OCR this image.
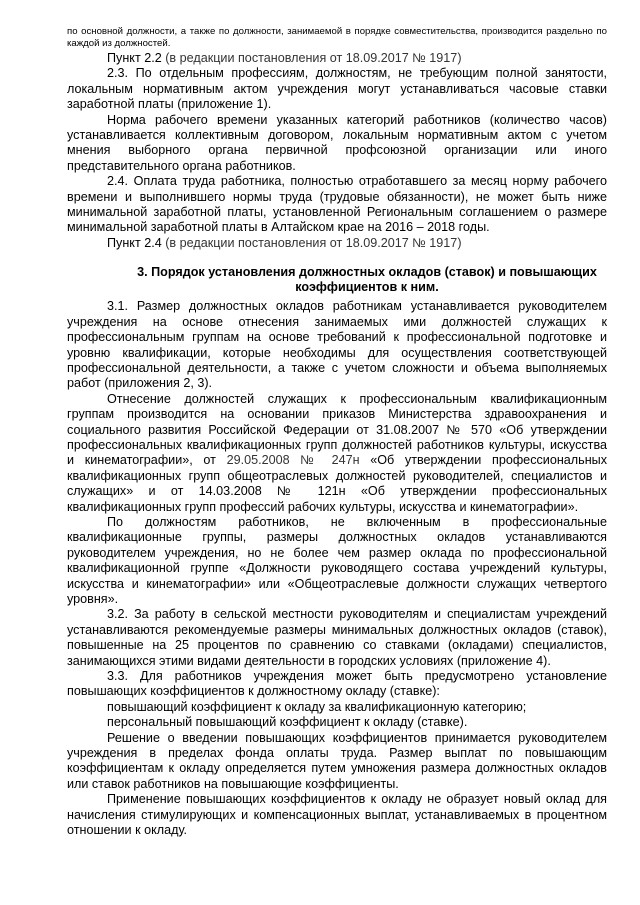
по основной должности, а также по должности, занимаемой в порядке совместительства, производится раздельно по каждой из должностей.

Пункт 2.2 (в редакции постановления от 18.09.2017 № 1917)

2.3. По отдельным профессиям, должностям, не требующим полной занятости, локальным нормативным актом учреждения могут устанавливаться часовые ставки заработной платы (приложение 1).

Норма рабочего времени указанных категорий работников (количество часов) устанавливается коллективным договором, локальным нормативным актом с учетом мнения выборного органа первичной профсоюзной организации или иного представительного органа работников.

2.4. Оплата труда работника, полностью отработавшего за месяц норму рабочего времени и выполнившего нормы труда (трудовые обязанности), не может быть ниже минимальной заработной платы, установленной Региональным соглашением о размере минимальной заработной платы в Алтайском крае на 2016 – 2018 годы.

Пункт 2.4 (в редакции постановления от 18.09.2017 № 1917)

3. Порядок установления должностных окладов (ставок) и повышающих коэффициентов к ним.

3.1. Размер должностных окладов работникам устанавливается руководителем учреждения на основе отнесения занимаемых ими должностей служащих к профессиональным группам на основе требований к профессиональной подготовке и уровню квалификации, которые необходимы для осуществления соответствующей профессиональной деятельности, а также с учетом сложности и объема выполняемых работ (приложения 2, 3).

Отнесение должностей служащих к профессиональным квалификационным группам производится на основании приказов Министерства здравоохранения и социального развития Российской Федерации от 31.08.2007 № 570 «Об утверждении профессиональных квалификационных групп должностей работников культуры, искусства и кинематографии», от 29.05.2008 № 247н «Об утверждении профессиональных квалификационных групп общеотраслевых должностей руководителей, специалистов и служащих» и от 14.03.2008 № 121н «Об утверждении профессиональных квалификационных групп профессий рабочих культуры, искусства и кинематографии».

По должностям работников, не включенным в профессиональные квалификационные группы, размеры должностных окладов устанавливаются руководителем учреждения, но не более чем размер оклада по профессиональной квалификационной группе «Должности руководящего состава учреждений культуры, искусства и кинематографии» или «Общеотраслевые должности служащих четвертого уровня».

3.2. За работу в сельской местности руководителям и специалистам учреждений устанавливаются рекомендуемые размеры минимальных должностных окладов (ставок), повышенные на 25 процентов по сравнению со ставками (окладами) специалистов, занимающихся этими видами деятельности в городских условиях (приложение 4).

3.3. Для работников учреждения может быть предусмотрено установление повышающих коэффициентов к должностному окладу (ставке):

повышающий коэффициент к окладу за квалификационную категорию;

персональный повышающий коэффициент к окладу (ставке).

Решение о введении повышающих коэффициентов принимается руководителем учреждения в пределах фонда оплаты труда. Размер выплат по повышающим коэффициентам к окладу определяется путем умножения размера должностных окладов или ставок работников на повышающие коэффициенты.

Применение повышающих коэффициентов к окладу не образует новый оклад для начисления стимулирующих и компенсационных выплат, устанавливаемых в процентном отношении к окладу.
